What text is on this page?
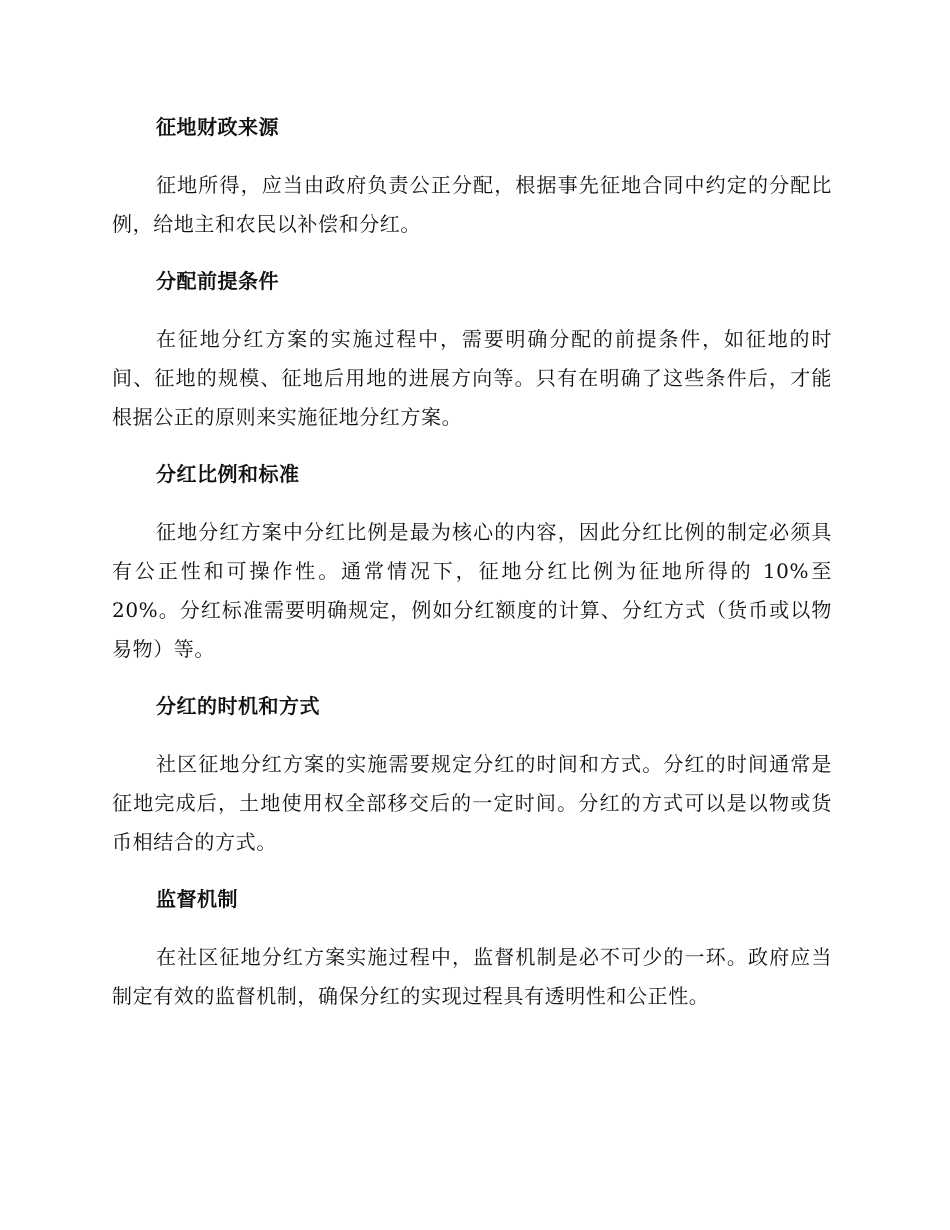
征地财政来源

征地所得，应当由政府负责公正分配，根据事先征地合同中约定的分配比例，给地主和农民以补偿和分红。

分配前提条件

在征地分红方案的实施过程中，需要明确分配的前提条件，如征地的时间、征地的规模、征地后用地的进展方向等。只有在明确了这些条件后，才能根据公正的原则来实施征地分红方案。

分红比例和标准

征地分红方案中分红比例是最为核心的内容，因此分红比例的制定必须具有公正性和可操作性。通常情况下，征地分红比例为征地所得的 10%至 20%。分红标准需要明确规定，例如分红额度的计算、分红方式（货币或以物易物）等。

分红的时机和方式

社区征地分红方案的实施需要规定分红的时间和方式。分红的时间通常是征地完成后，土地使用权全部移交后的一定时间。分红的方式可以是以物或货币相结合的方式。

监督机制

在社区征地分红方案实施过程中，监督机制是必不可少的一环。政府应当制定有效的监督机制，确保分红的实现过程具有透明性和公正性。
